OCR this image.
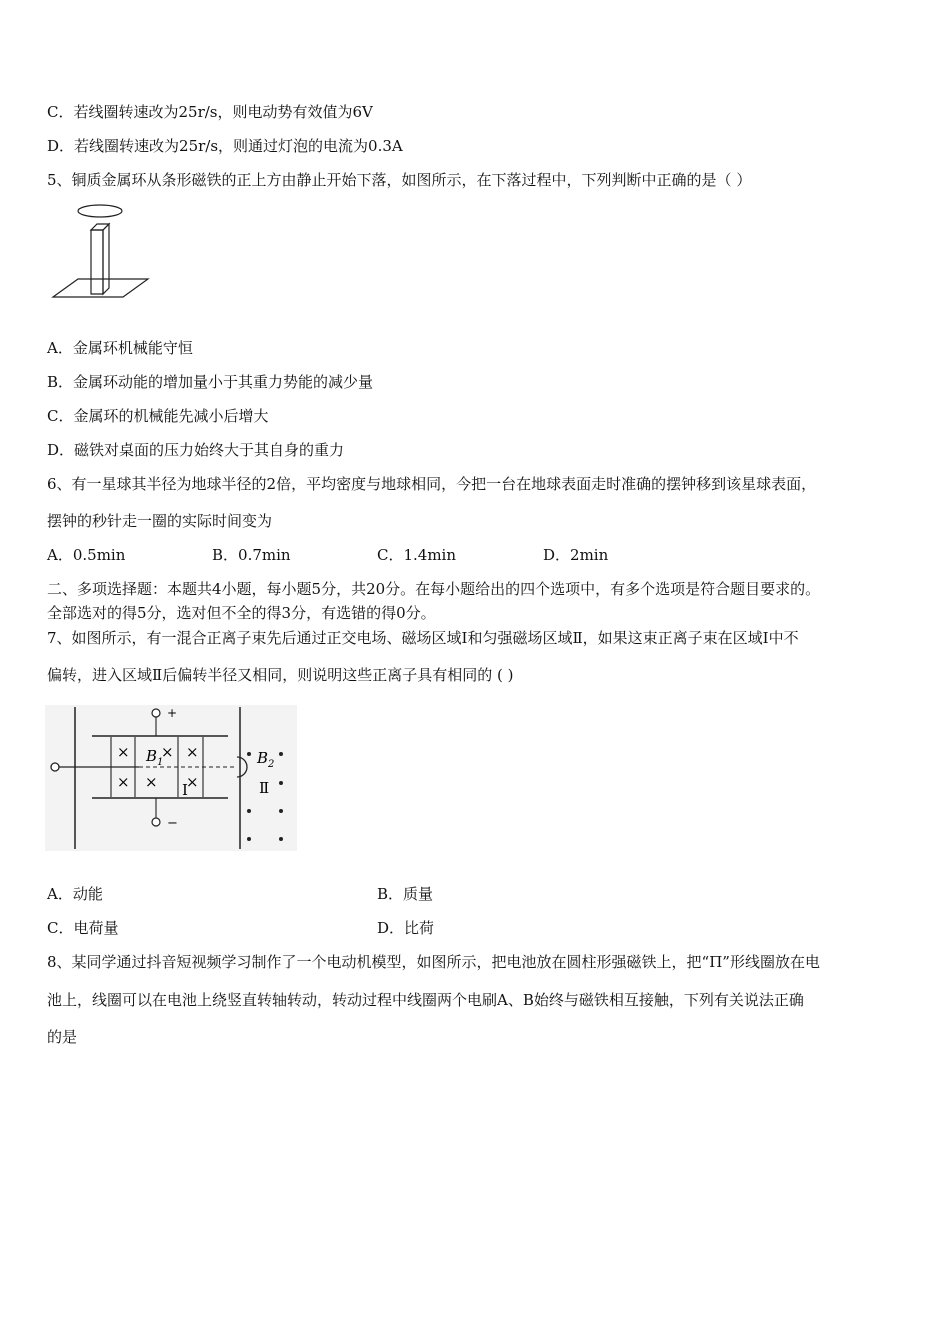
C．若线圈转速改为25r/s，则电动势有效值为6V
D．若线圈转速改为25r/s，则通过灯泡的电流为0.3A
5、铜质金属环从条形磁铁的正上方由静止开始下落，如图所示，在下落过程中，下列判断中正确的是（ ）
A．金属环机械能守恒
B．金属环动能的增加量小于其重力势能的减少量
C．金属环的机械能先减小后增大
D．磁铁对桌面的压力始终大于其自身的重力
6、有一星球其半径为地球半径的2倍，平均密度与地球相同，今把一台在地球表面走时准确的摆钟移到该星球表面，
摆钟的秒针走一圈的实际时间变为
A．0.5min	B．0.7min	C．1.4min	D．2min
二、多项选择题：本题共4小题，每小题5分，共20分。在每小题给出的四个选项中，有多个选项是符合题目要求的。
全部选对的得5分，选对但不全的得3分，有选错的得0分。
7、如图所示，有一混合正离子束先后通过正交电场、磁场区域Ⅰ和匀强磁场区域Ⅱ，如果这束正离子束在区域Ⅰ中不
偏转，进入区域Ⅱ后偏转半径又相同，则说明这些正离子具有相同的 ( )
+
−
× × ×
× × ×
$B_1$
Ⅰ
$B_2$
Ⅱ
A．动能	B．质量
C．电荷量	D．比荷
8、某同学通过抖音短视频学习制作了一个电动机模型，如图所示，把电池放在圆柱形强磁铁上，把“Π”形线圈放在电
池上，线圈可以在电池上绕竖直转轴转动，转动过程中线圈两个电刷A、B始终与磁铁相互接触，下列有关说法正确
的是
